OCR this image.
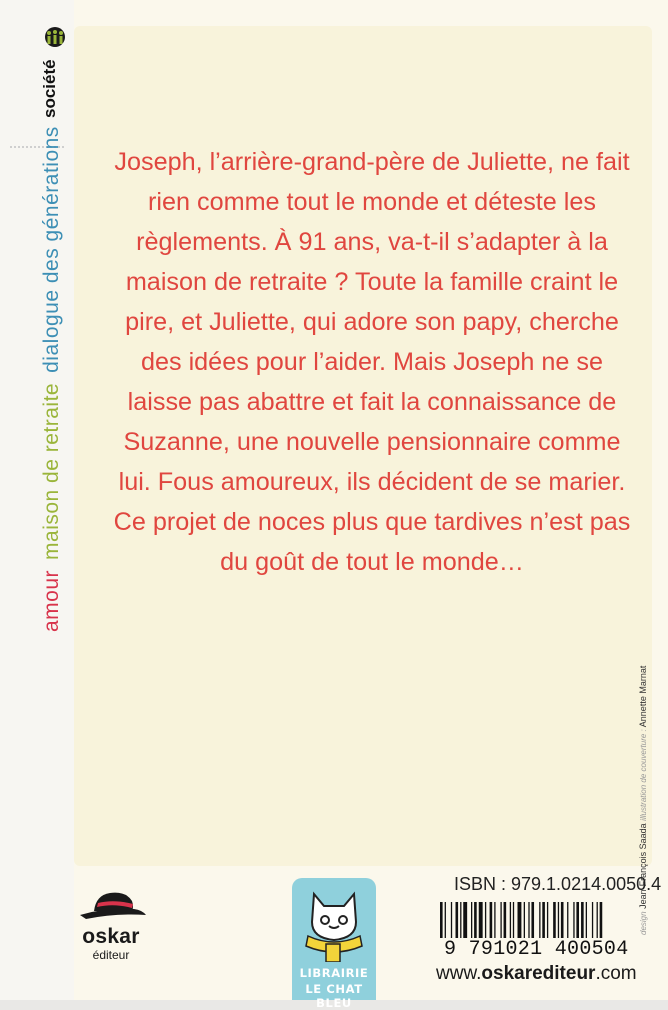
société
amourmaison de retraitedialogue des générations Joseph, l’arrière-grand-père de Juliette, ne fait rien comme tout le monde et déteste les règlements. À 91 ans, va-t-il s’adapter à la maison de retraite ? Toute la famille craint le pire, et Juliette, qui adore son papy, cherche des idées pour l’aider. Mais Joseph ne se laisse pas abattre et fait la connaissance de Suzanne, une nouvelle pensionnaire comme lui. Fous amoureux, ils décident de se marier. Ce projet de noces plus que tardives n’est pas du goût de tout le monde…

design Jean-François Saada illustration de couverture : Annette Marnat
oskar
éditeur
LIBRAIRIE
LE CHAT BLEU
ISBN : 979.1.0214.0050.4
9 791021 400504
www.oskarediteur.com
